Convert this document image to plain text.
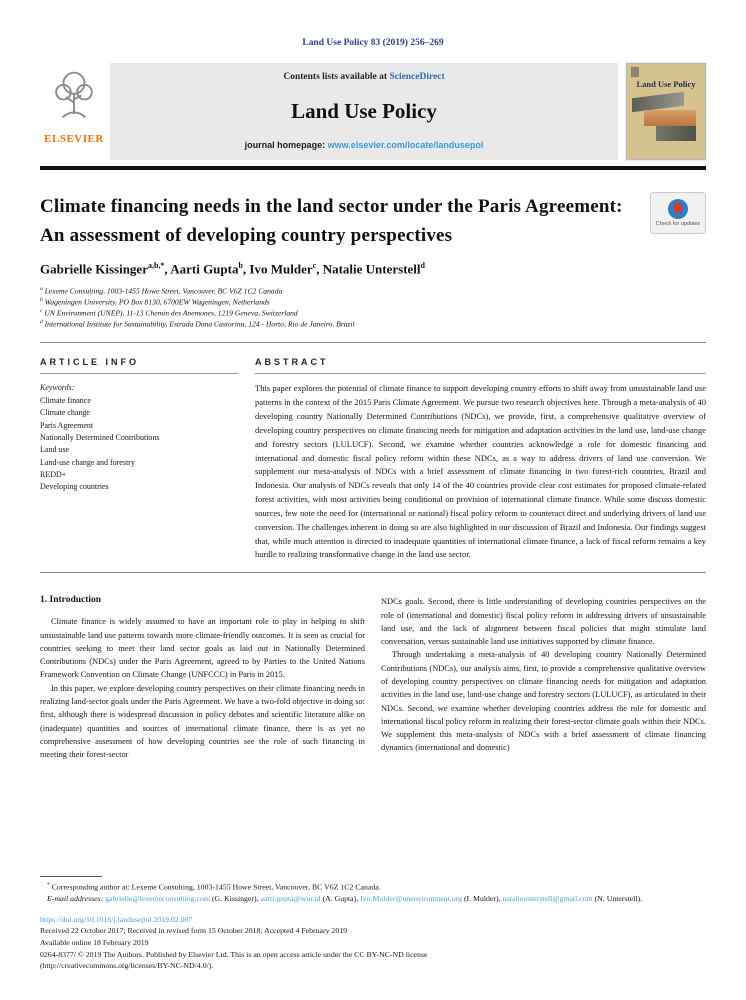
Land Use Policy 83 (2019) 256–269
ELSEVIER
Contents lists available at ScienceDirect
Land Use Policy
journal homepage: www.elsevier.com/locate/landusepol
Land Use Policy
Climate financing needs in the land sector under the Paris Agreement: An assessment of developing country perspectives
Check for updates
Gabrielle Kissinger$^{a,b,*}$, Aarti Gupta$^b$, Ivo Mulder$^c$, Natalie Unterstell$^d$
$^a$ Lexeme Consulting, 1003-1455 Howe Street, Vancouver, BC V6Z 1C2 Canada
$^b$ Wageningen University, PO Box 8130, 6700EW Wageningen, Netherlands
$^c$ UN Environment (UNEP), 11-13 Chemin des Anemones, 1219 Geneva, Switzerland
$^d$ International Institute for Sustainability, Estrada Dona Castorina, 124 - Horto, Rio de Janeiro, Brazil
ARTICLE INFO
Keywords:
Climate finance
Climate change
Paris Agreement
Nationally Determined Contributions
Land use
Land-use change and forestry
REDD+
Developing countries
ABSTRACT

This paper explores the potential of climate finance to support developing country efforts to shift away from unsustainable land use patterns in the context of the 2015 Paris Climate Agreement. We pursue two research objectives here. Through a meta-analysis of 40 developing country Nationally Determined Contributions (NDCs), we provide, first, a comprehensive qualitative overview of developing country perspectives on climate financing needs for mitigation and adaptation activities in the land use, land-use change and forestry sectors (LULUCF). Second, we examine whether countries acknowledge a role for domestic financing and international and domestic fiscal policy reform within these NDCs, as a way to address drivers of land use conversion. We supplement our meta-analysis of NDCs with a brief assessment of climate financing in two forest-rich countries, Brazil and Indonesia. Our analysis of NDCs reveals that only 14 of the 40 countries provide clear cost estimates for proposed climate-related forest activities, with most activities being conditional on provision of international climate finance. While some discuss domestic sources, few note the need for (international or national) fiscal policy reform to counteract direct and underlying drivers of land use conversion. The challenges inherent in doing so are also highlighted in our discussion of Brazil and Indonesia. Our findings suggest that, while much attention is directed to inadequate quantities of international climate finance, a lack of fiscal reform remains a key hurdle to realizing transformative change in the land use sector.

1. Introduction

Climate finance is widely assumed to have an important role to play in helping to shift unsustainable land use patterns towards more climate-friendly outcomes. It is seen as crucial for countries seeking to meet their land sector goals as laid out in Nationally Determined Contributions (NDCs) under the Paris Agreement, agreed to by Parties to the United Nations Framework Convention on Climate Change (UNFCCC) in Paris in 2015.

In this paper, we explore developing country perspectives on their climate financing needs in realizing land-sector goals under the Paris Agreement. We have a two-fold objective in doing so: first, although there is widespread discussion in policy debates and scientific literature alike on (inadequate) quantities and sources of international climate finance, there is as yet no comprehensive assessment of how developing countries see the role of such financing in meeting their forest-sector

NDCs goals. Second, there is little understanding of developing countries perspectives on the role of (international and domestic) fiscal policy reform in addressing drivers of unsustainable land use, and the lack of alignment between fiscal policies that might stimulate land conversation, versus sustainable land use initiatives supported by climate finance.

Through undertaking a meta-analysis of 40 developing country Nationally Determined Contributions (NDCs), our analysis aims, first, to provide a comprehensive qualitative overview of developing country perspectives on climate financing needs for mitigation and adaptation activities in the land use, land-use change and forestry sectors (LULUCF), as articulated in their NDCs. Second, we examine whether developing countries address the role for domestic and international fiscal policy reform in realizing their forest-sector climate goals within their NDCs. We supplement this meta-analysis of NDCs with a brief assessment of climate financing dynamics (international and domestic)

* Corresponding author at: Lexeme Consulting, 1003-1455 Howe Street, Vancouver, BC V6Z 1C2 Canada.

E-mail addresses: gabrielle@lexemeconsulting.com (G. Kissinger), aarti.gupta@wur.nl (A. Gupta), Ivo.Mulder@unenvironment.org (I. Mulder), natalieunterstell@gmail.com (N. Unterstell).

https://doi.org/10.1016/j.landusepol.2019.02.007

Received 22 October 2017; Received in revised form 15 October 2018; Accepted 4 February 2019

Available online 18 February 2019

0264-8377/ © 2019 The Authors. Published by Elsevier Ltd. This is an open access article under the CC BY-NC-ND license

(http://creativecommons.org/licenses/BY-NC-ND/4.0/).
